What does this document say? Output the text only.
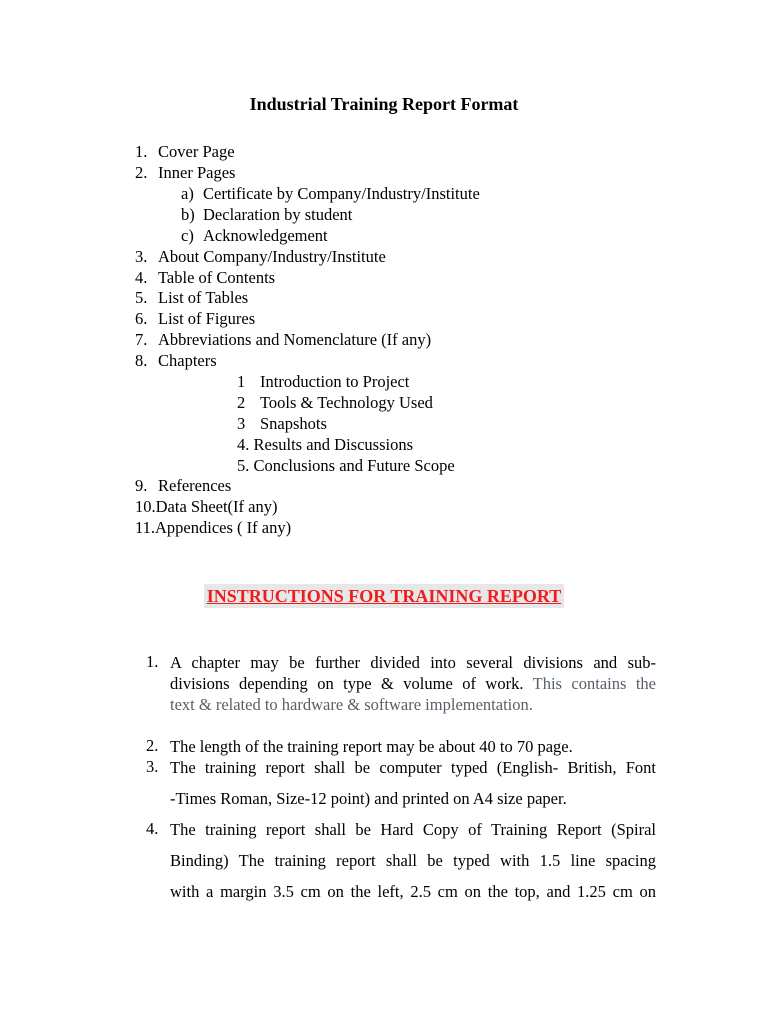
Industrial Training Report Format
1. Cover Page
2. Inner Pages
a) Certificate by Company/Industry/Institute
b) Declaration by student
c) Acknowledgement
3. About Company/Industry/Institute
4. Table of Contents
5. List of Tables
6. List of Figures
7. Abbreviations and Nomenclature (If any)
8. Chapters
1 Introduction to Project
2 Tools & Technology Used
3 Snapshots
4. Results and Discussions
5. Conclusions and Future Scope
9. References
10.Data Sheet(If any)
11.Appendices ( If any)
INSTRUCTIONS FOR TRAINING REPORT
1. A chapter may be further divided into several divisions and sub-
divisions depending on type & volume of work. This contains the
text & related to hardware & software implementation.
2. The length of the training report may be about 40 to 70 page.
3. The training report shall be computer typed (English- British, Font
-Times Roman, Size-12 point) and printed on A4 size paper.
4. The training report shall be Hard Copy of Training Report (Spiral
Binding) The training report shall be typed with 1.5 line spacing
with a margin 3.5 cm on the left, 2.5 cm on the top, and 1.25 cm on
